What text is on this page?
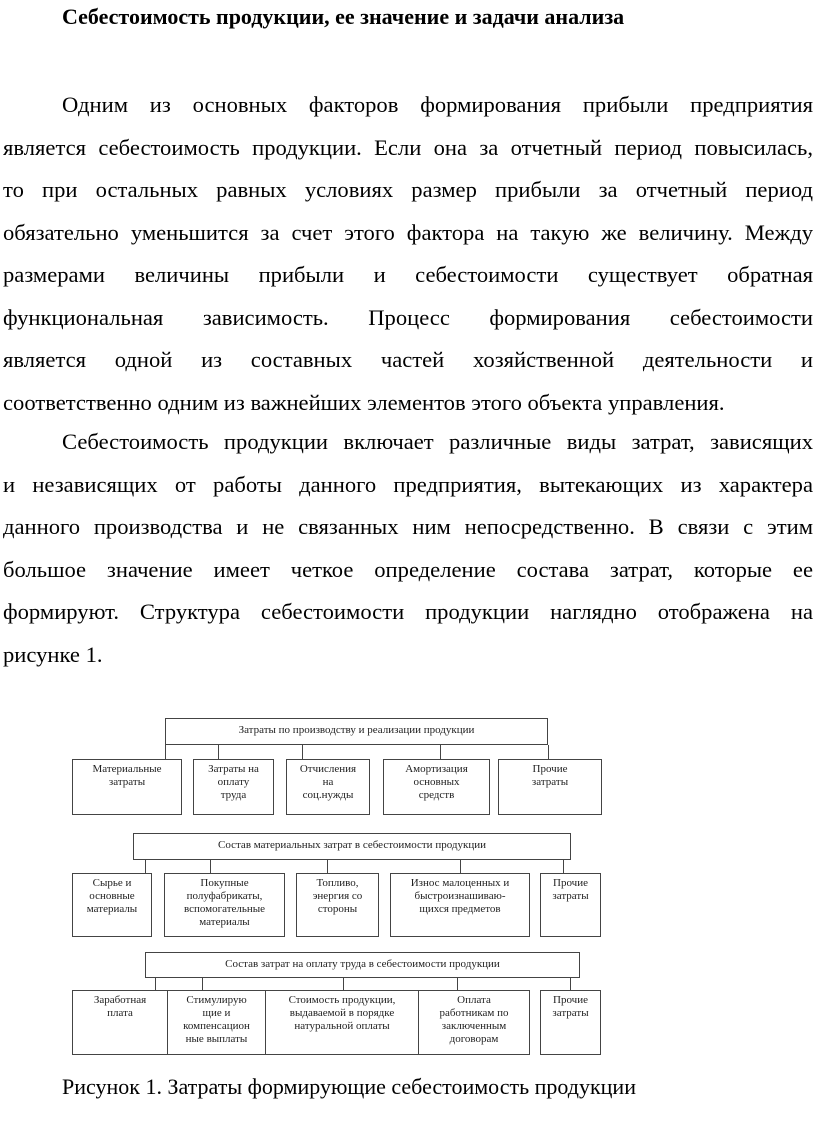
Себестоимость продукции, ее значение и задачи анализа
Одним из основных факторов формирования прибыли предприятия
является себестоимость продукции. Если она за отчетный период повысилась,
то при остальных равных условиях размер прибыли за отчетный период
обязательно уменьшится за счет этого фактора на такую же величину. Между
размерами величины прибыли и себестоимости существует обратная
функциональная зависимость. Процесс формирования себестоимости
является одной из составных частей хозяйственной деятельности и
соответственно одним из важнейших элементов этого объекта управления.
Себестоимость продукции включает различные виды затрат, зависящих
и независящих от работы данного предприятия, вытекающих из характера
данного производства и не связанных ним непосредственно. В связи с этим
большое значение имеет четкое определение состава затрат, которые ее
формируют. Структура себестоимости продукции наглядно отображена на
рисунке 1.
Затраты по производству и реализации продукции
Материальные
затраты
Затраты на
оплату
труда
Отчисления
на
соц.нужды
Амортизация
основных
средств
Прочие
затраты
Состав материальных затрат в себестоимости продукции
Сырье и
основные
материалы
Покупные
полуфабрикаты,
вспомогательные
материалы
Топливо,
энергия со
стороны
Износ малоценных и
быстроизнашиваю-
щихся предметов
Прочие
затраты
Состав затрат на оплату труда в себестоимости продукции
Заработная
плата
Стимулирую
щие и
компенсацион
ные выплаты
Стоимость продукции,
выдаваемой в порядке
натуральной оплаты
Оплата
работникам по
заключенным
договорам
Прочие
затраты
Рисунок 1. Затраты формирующие себестоимость продукции
